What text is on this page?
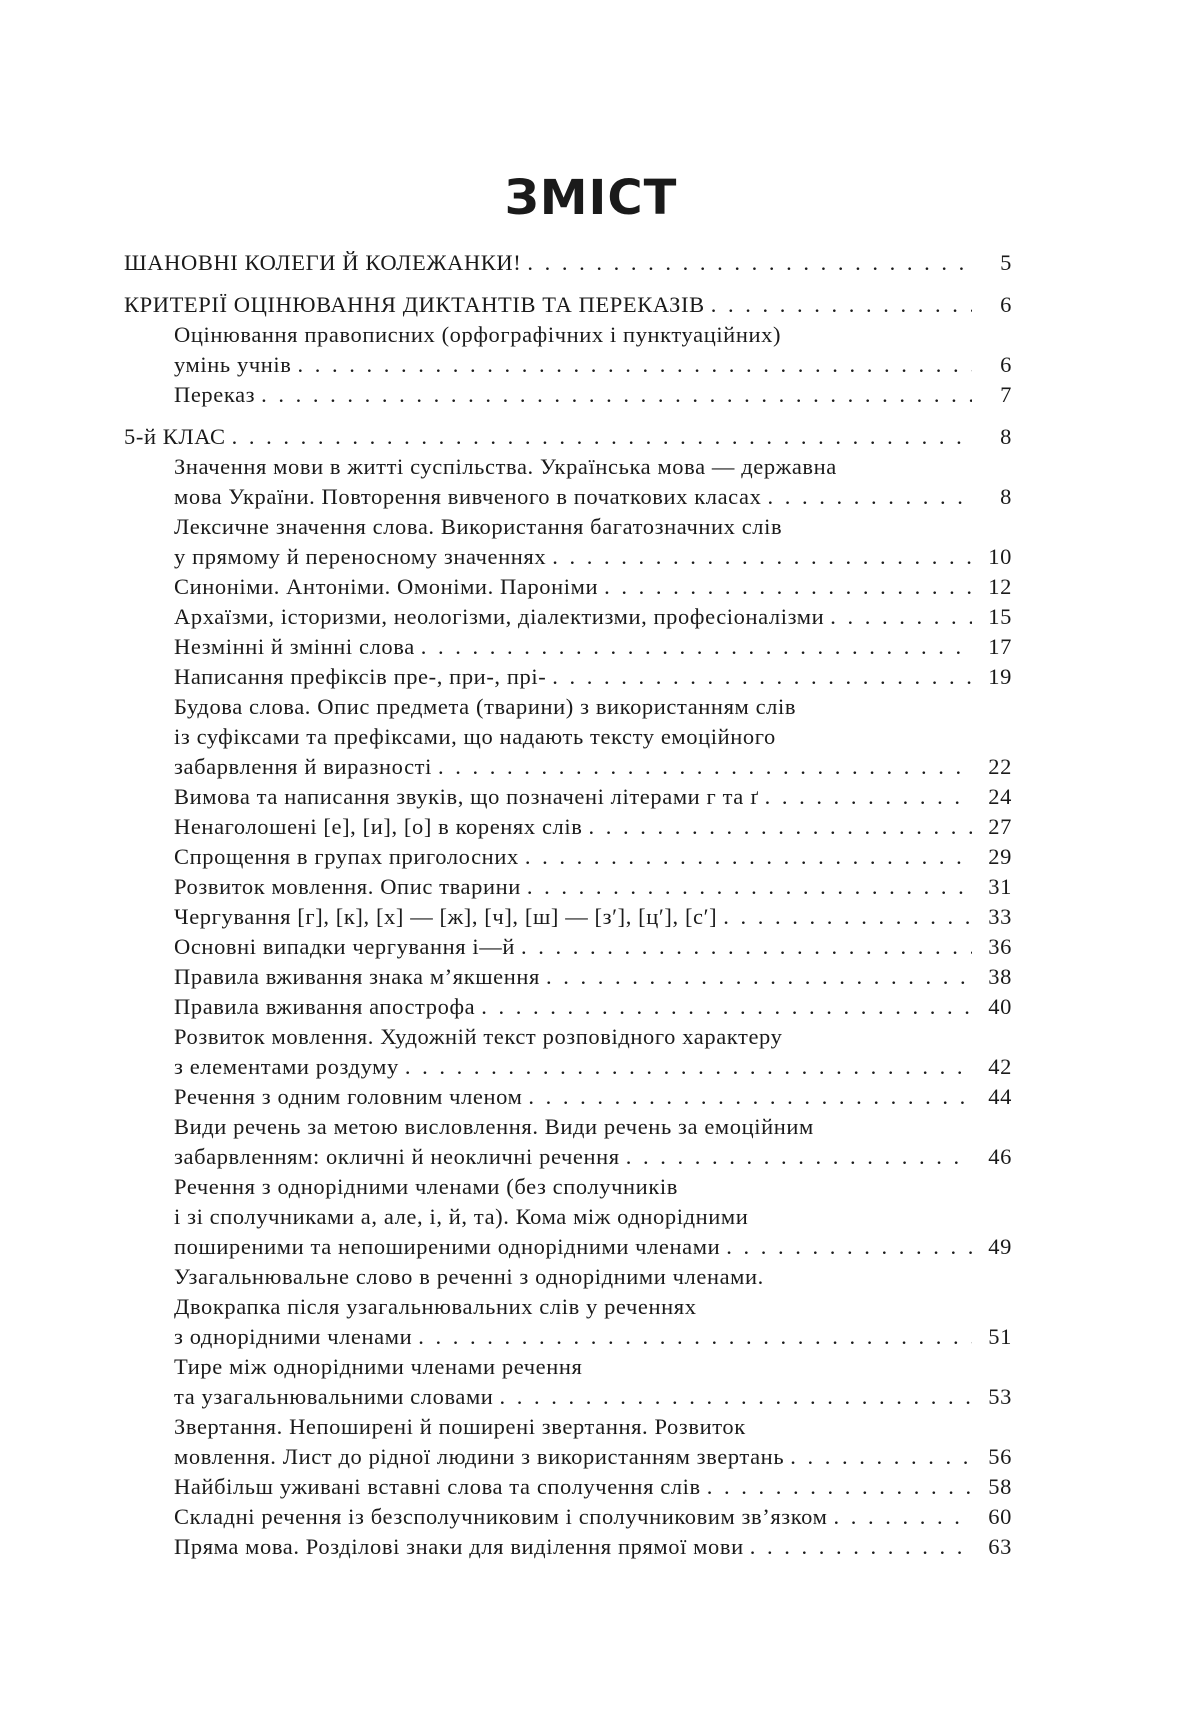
ЗМІСТ
ШАНОВНІ КОЛЕГИ Й КОЛЕЖАНКИ! . . .	5
КРИТЕРІЇ ОЦІНЮВАННЯ ДИКТАНТІВ ТА ПЕРЕКАЗІВ . . .	6
Оцінювання правописних (орфографічних і пунктуаційних)
умінь учнів . . .	6
Переказ . . .	7
5-й КЛАС . . .	8
Значення мови в житті суспільства. Українська мова — державна
мова України. Повторення вивченого в початкових класах . . .	8
Лексичне значення слова. Використання багатозначних слів
у прямому й переносному значеннях . . .	10
Синоніми. Антоніми. Омоніми. Пароніми . . .	12
Архаїзми, історизми, неологізми, діалектизми, професіоналізми . . .	15
Незмінні й змінні слова . . .	17
Написання префіксів пре-, при-, прі- . . .	19
Будова слова. Опис предмета (тварини) з використанням слів
із суфіксами та префіксами, що надають тексту емоційного
забарвлення й виразності . . .	22
Вимова та написання звуків, що позначені літерами г та ґ . . .	24
Ненаголошені [е], [и], [о] в коренях слів . . .	27
Спрощення в групах приголосних . . .	29
Розвиток мовлення. Опис тварини . . .	31
Чергування [г], [к], [х] — [ж], [ч], [ш] — [з′], [ц′], [с′] . . .	33
Основні випадки чергування і—й . . .	36
Правила вживання знака м’якшення . . .	38
Правила вживання апострофа . . .	40
Розвиток мовлення. Художній текст розповідного характеру
з елементами роздуму . . .	42
Речення з одним головним членом . . .	44
Види речень за метою висловлення. Види речень за емоційним
забарвленням: окличні й неокличні речення . . .	46
Речення з однорідними членами (без сполучників
і зі сполучниками а, але, і, й, та). Кома між однорідними
поширеними та непоширеними однорідними членами . . .	49
Узагальнювальне слово в реченні з однорідними членами.
Двокрапка після узагальнювальних слів у реченнях
з однорідними членами . . .	51
Тире між однорідними членами речення
та узагальнювальними словами . . .	53
Звертання. Непоширені й поширені звертання. Розвиток
мовлення. Лист до рідної людини з використанням звертань . . .	56
Найбільш уживані вставні слова та сполучення слів . . .	58
Складні речення із безсполучниковим і сполучниковим зв’язком . . .	60
Пряма мова. Розділові знаки для виділення прямої мови . . .	63
